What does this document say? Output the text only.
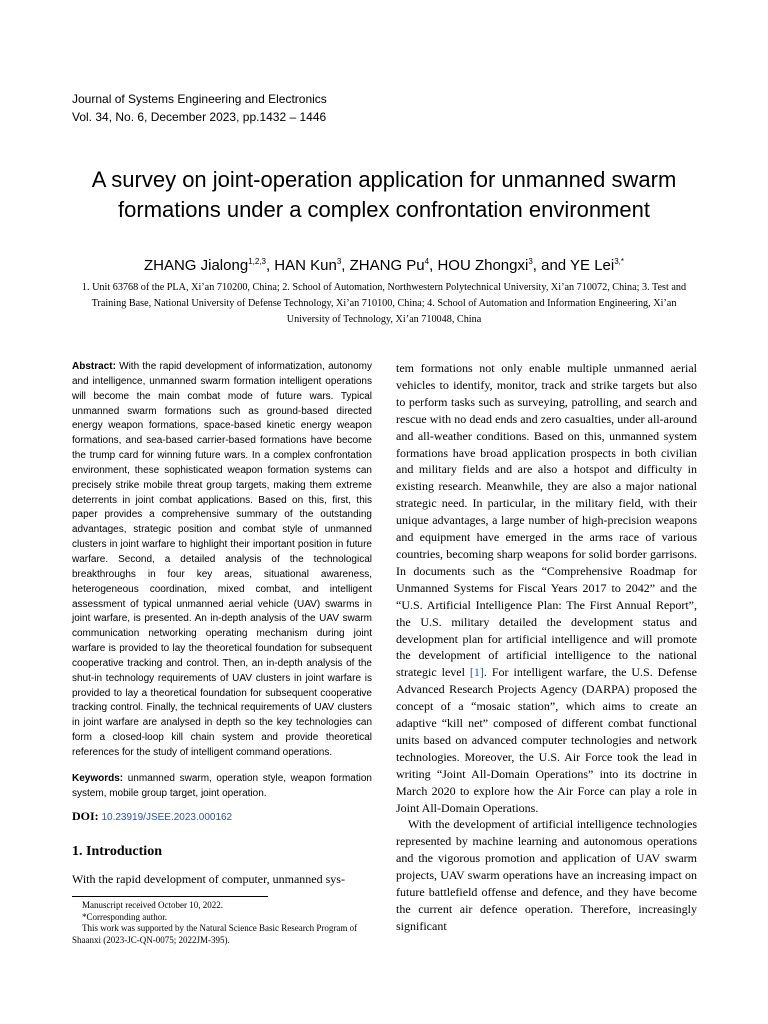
Journal of Systems Engineering and Electronics
Vol. 34, No. 6, December 2023, pp.1432 – 1446
A survey on joint-operation application for unmanned swarm formations under a complex confrontation environment
ZHANG Jialong$^{1,2,3}$, HAN Kun$^3$, ZHANG Pu$^4$, HOU Zhongxi$^3$, and YE Lei$^{3,*}$
1. Unit 63768 of the PLA, Xi’an 710200, China; 2. School of Automation, Northwestern Polytechnical University, Xi’an 710072, China; 3. Test and Training Base, National University of Defense Technology, Xi’an 710100, China; 4. School of Automation and Information Engineering, Xi’an University of Technology, Xi’an 710048, China

Abstract: With the rapid development of informatization, autonomy and intelligence, unmanned swarm formation intelligent operations will become the main combat mode of future wars. Typical unmanned swarm formations such as ground-based directed energy weapon formations, space-based kinetic energy weapon formations, and sea-based carrier-based formations have become the trump card for winning future wars. In a complex confrontation environment, these sophisticated weapon formation systems can precisely strike mobile threat group targets, making them extreme deterrents in joint combat applications. Based on this, first, this paper provides a comprehensive summary of the outstanding advantages, strategic position and combat style of unmanned clusters in joint warfare to highlight their important position in future warfare. Second, a detailed analysis of the technological breakthroughs in four key areas, situational awareness, heterogeneous coordination, mixed combat, and intelligent assessment of typical unmanned aerial vehicle (UAV) swarms in joint warfare, is presented. An in-depth analysis of the UAV swarm communication networking operating mechanism during joint warfare is provided to lay the theoretical foundation for subsequent cooperative tracking and control. Then, an in-depth analysis of the shut-in technology requirements of UAV clusters in joint warfare is provided to lay a theoretical foundation for subsequent cooperative tracking control. Finally, the technical requirements of UAV clusters in joint warfare are analysed in depth so the key technologies can form a closed-loop kill chain system and provide theoretical references for the study of intelligent command operations.

Keywords: unmanned swarm, operation style, weapon formation system, mobile group target, joint operation.

DOI: 10.23919/JSEE.2023.000162

1. Introduction

With the rapid development of computer, unmanned sys-

Manuscript received October 10, 2022.

*Corresponding author.

This work was supported by the Natural Science Basic Research Program of Shaanxi (2023-JC-QN-0075; 2022JM-395).

tem formations not only enable multiple unmanned aerial vehicles to identify, monitor, track and strike targets but also to perform tasks such as surveying, patrolling, and search and rescue with no dead ends and zero casualties, under all-around and all-weather conditions. Based on this, unmanned system formations have broad application prospects in both civilian and military fields and are also a hotspot and difficulty in existing research. Meanwhile, they are also a major national strategic need. In particular, in the military field, with their unique advantages, a large number of high-precision weapons and equipment have emerged in the arms race of various countries, becoming sharp weapons for solid border garrisons. In documents such as the “Comprehensive Roadmap for Unmanned Systems for Fiscal Years 2017 to 2042” and the “U.S. Artificial Intelligence Plan: The First Annual Report”, the U.S. military detailed the development status and development plan for artificial intelligence and will promote the development of artificial intelligence to the national strategic level [1]. For intelligent warfare, the U.S. Defense Advanced Research Projects Agency (DARPA) proposed the concept of a “mosaic station”, which aims to create an adaptive “kill net” composed of different combat functional units based on advanced computer technologies and network technologies. Moreover, the U.S. Air Force took the lead in writing “Joint All-Domain Operations” into its doctrine in March 2020 to explore how the Air Force can play a role in Joint All-Domain Operations.

With the development of artificial intelligence technologies represented by machine learning and autonomous operations and the vigorous promotion and application of UAV swarm projects, UAV swarm operations have an increasing impact on future battlefield offense and defence, and they have become the current air defence operation. Therefore, increasingly significant
